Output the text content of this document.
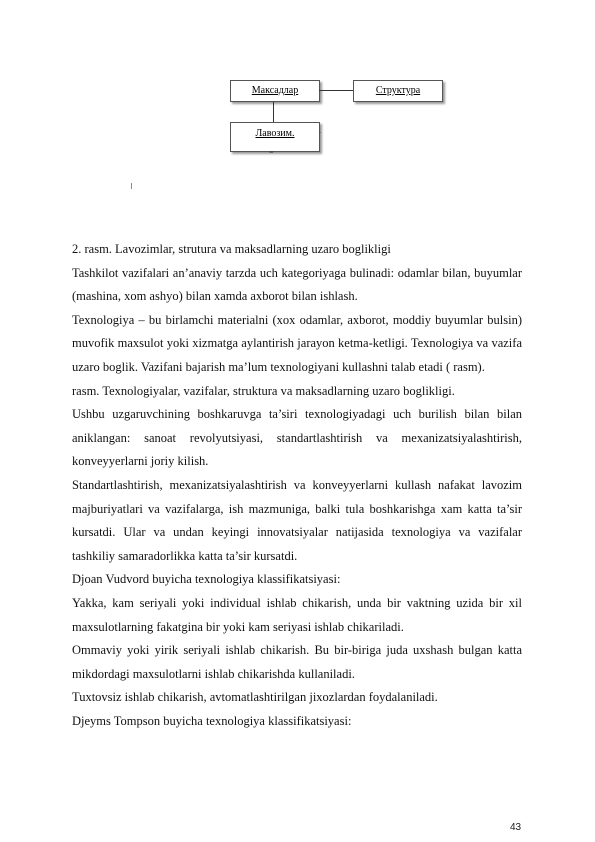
Максадлар	Структура
Лавозим.
=
.

2. rasm. Lavozimlar, strutura va maksadlarning uzaro boglikligi

Tashkilot vazifalari an’anaviy tarzda uch kategoriyaga bulinadi: odamlar bilan, buyumlar (mashina, xom ashyo) bilan xamda axborot bilan ishlash.

Texnologiya – bu birlamchi materialni (xox odamlar, axborot, moddiy buyumlar bulsin) muvofik maxsulot yoki xizmatga aylantirish jarayon ketma-ketligi. Texnologiya va vazifa uzaro boglik. Vazifani bajarish ma’lum texnologiyani kullashni talab etadi ( rasm).

rasm. Texnologiyalar, vazifalar, struktura va maksadlarning uzaro boglikligi.

Ushbu uzgaruvchining boshkaruvga ta’siri texnologiyadagi uch burilish bilan bilan aniklangan: sanoat revolyutsiyasi, standartlashtirish va mexanizatsiyalashtirish, konveyyerlarni joriy kilish.

Standartlashtirish, mexanizatsiyalashtirish va konveyyerlarni kullash nafakat lavozim majburiyatlari va vazifalarga, ish mazmuniga, balki tula boshkarishga xam katta ta’sir kursatdi. Ular va undan keyingi innovatsiyalar natijasida texnologiya va vazifalar tashkiliy samaradorlikka katta ta’sir kursatdi.

Djoan Vudvord buyicha texnologiya klassifikatsiyasi:

Yakka, kam seriyali yoki individual ishlab chikarish, unda bir vaktning uzida bir xil maxsulotlarning fakatgina bir yoki kam seriyasi ishlab chikariladi.

Ommaviy yoki yirik seriyali ishlab chikarish. Bu bir-biriga juda uxshash bulgan katta mikdordagi maxsulotlarni ishlab chikarishda kullaniladi.

Tuxtovsiz ishlab chikarish, avtomatlashtirilgan jixozlardan foydalaniladi.

Djeyms Tompson buyicha texnologiya klassifikatsiyasi:

43
